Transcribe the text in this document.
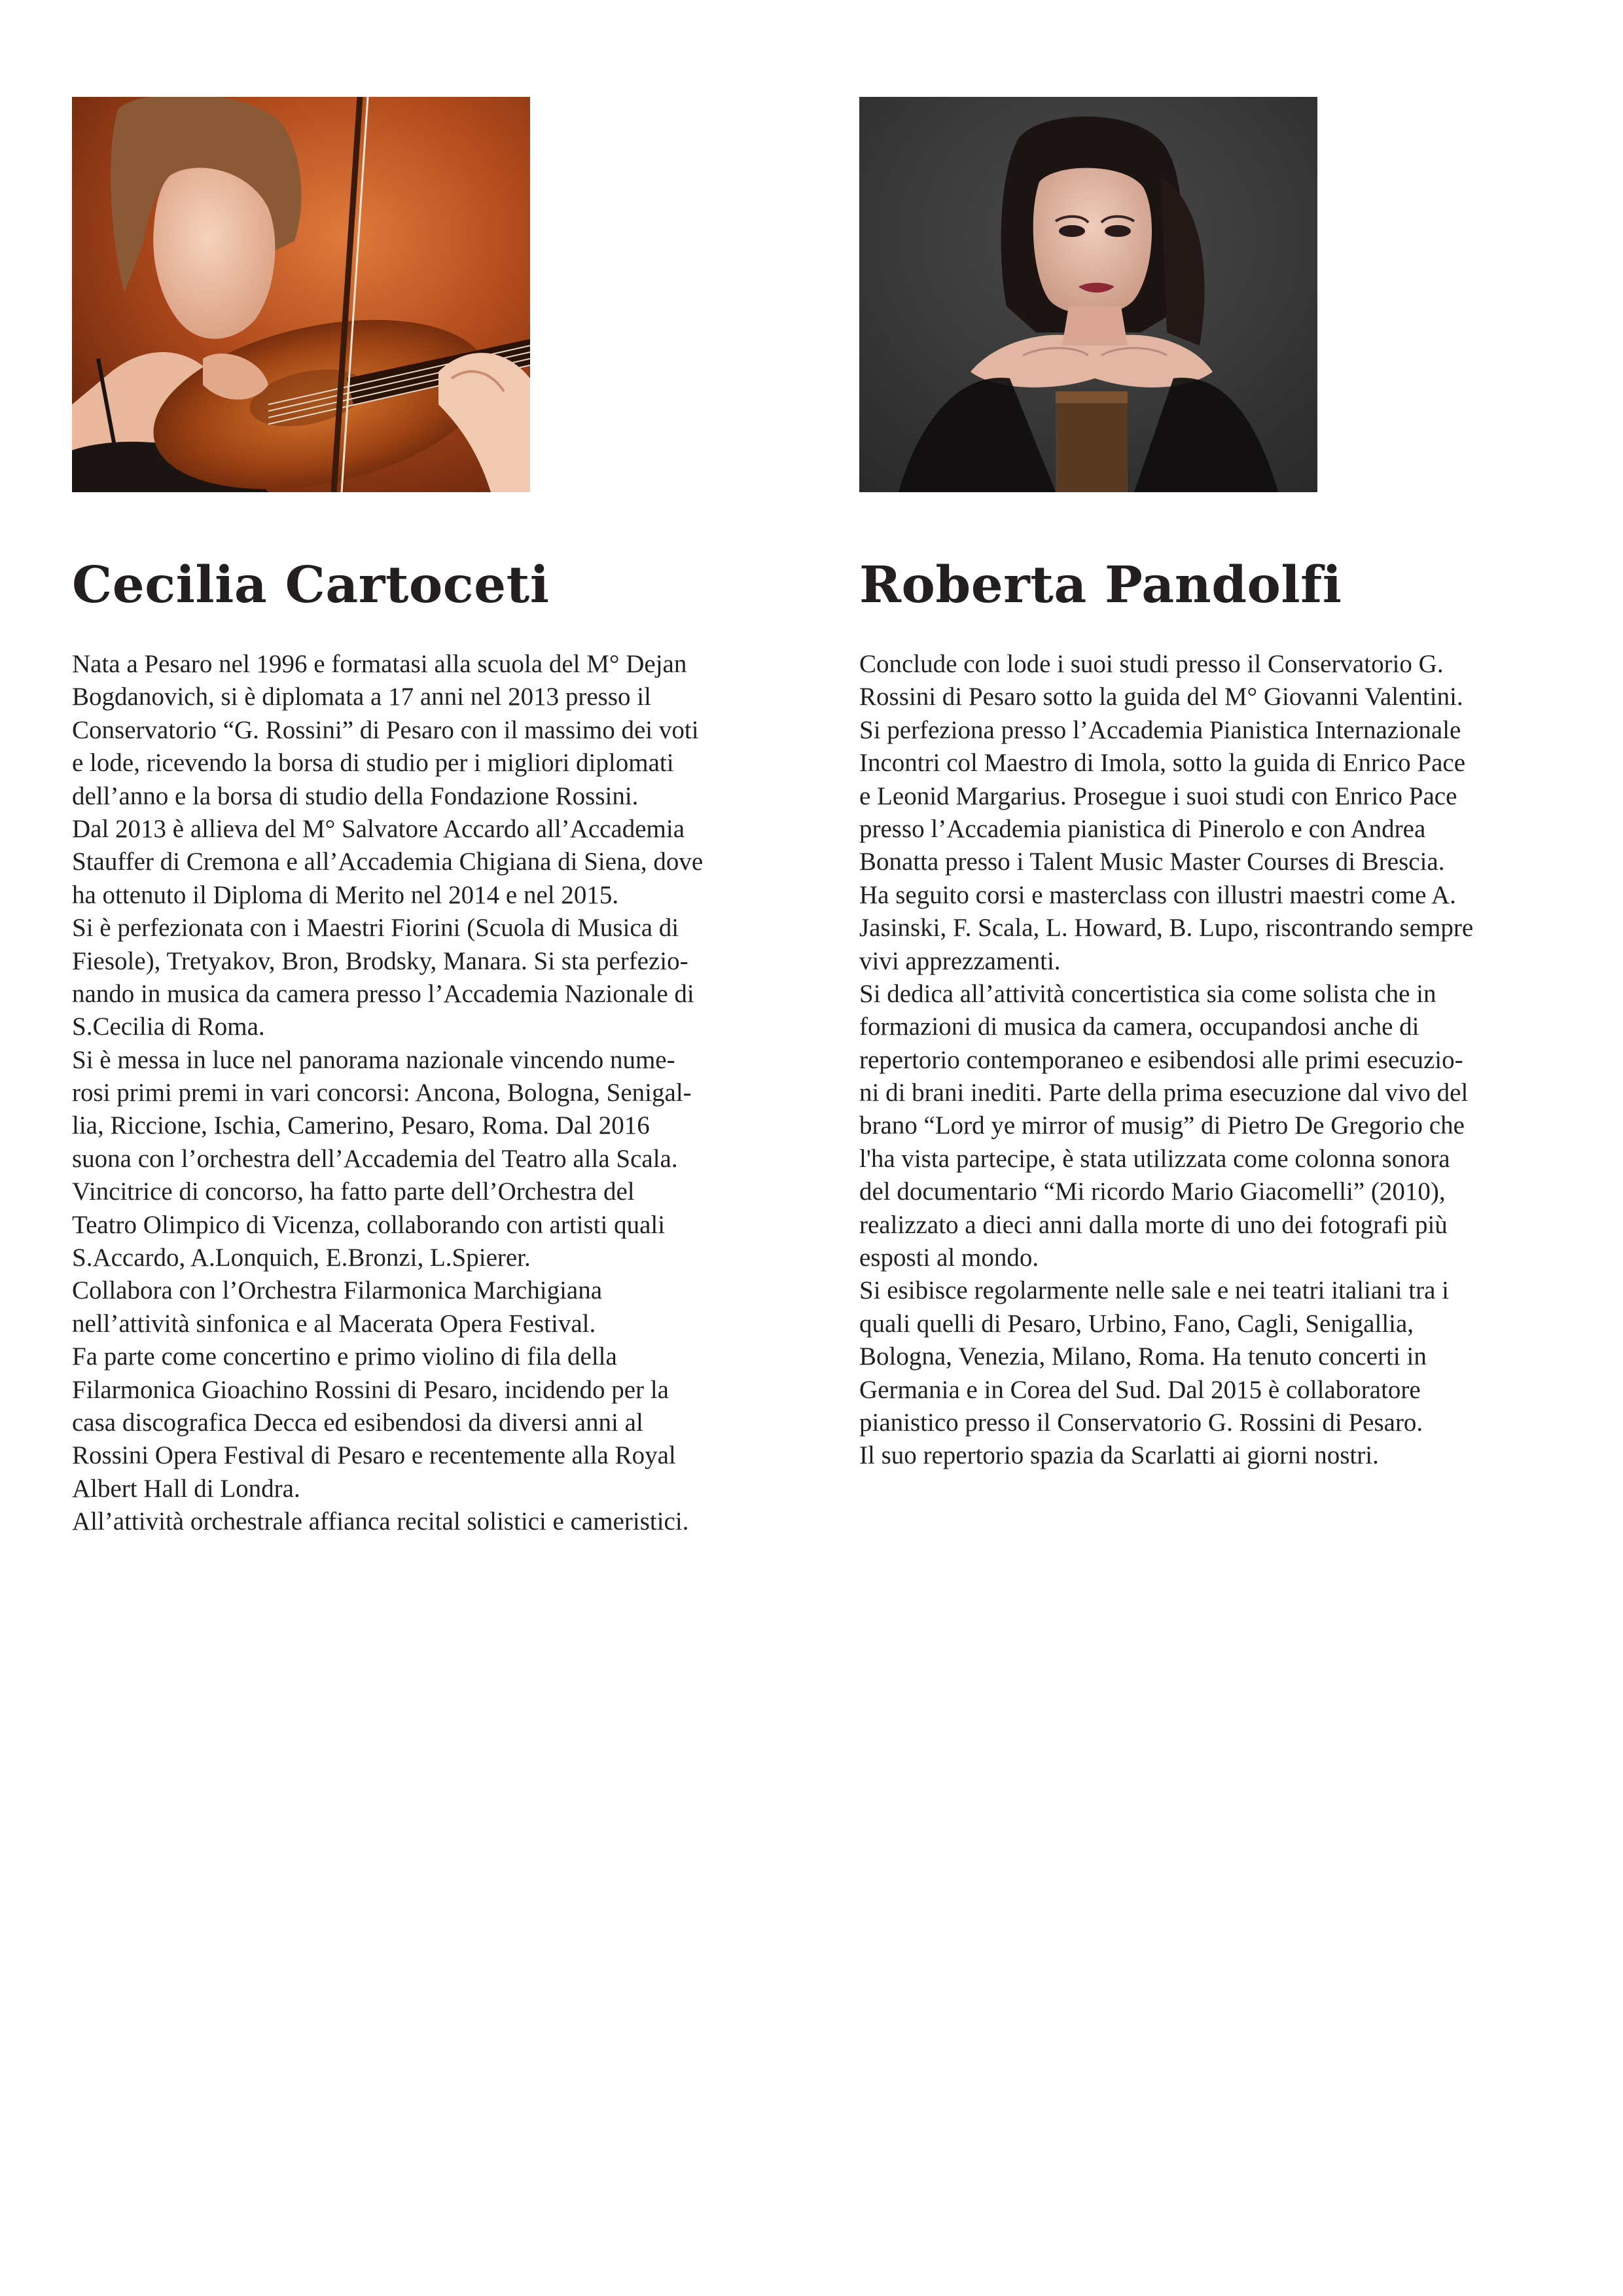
Cecilia Cartoceti
Nata a Pesaro nel 1996 e formatasi alla scuola del M° Dejan
Bogdanovich, si è diplomata a 17 anni nel 2013 presso il
Conservatorio “G. Rossini” di Pesaro con il massimo dei voti
e lode, ricevendo la borsa di studio per i migliori diplomati
dell’anno e la borsa di studio della Fondazione Rossini.
Dal 2013 è allieva del M° Salvatore Accardo all’Accademia
Stauffer di Cremona e all’Accademia Chigiana di Siena, dove
ha ottenuto il Diploma di Merito nel 2014 e nel 2015.
Si è perfezionata con i Maestri Fiorini (Scuola di Musica di
Fiesole), Tretyakov, Bron, Brodsky, Manara. Si sta perfezio-
nando in musica da camera presso l’Accademia Nazionale di
S.Cecilia di Roma.
Si è messa in luce nel panorama nazionale vincendo nume-
rosi primi premi in vari concorsi: Ancona, Bologna, Senigal-
lia, Riccione, Ischia, Camerino, Pesaro, Roma. Dal 2016
suona con l’orchestra dell’Accademia del Teatro alla Scala.
Vincitrice di concorso, ha fatto parte dell’Orchestra del
Teatro Olimpico di Vicenza, collaborando con artisti quali
S.Accardo, A.Lonquich, E.Bronzi, L.Spierer.
Collabora con l’Orchestra Filarmonica Marchigiana
nell’attività sinfonica e al Macerata Opera Festival.
Fa parte come concertino e primo violino di fila della
Filarmonica Gioachino Rossini di Pesaro, incidendo per la
casa discografica Decca ed esibendosi da diversi anni al
Rossini Opera Festival di Pesaro e recentemente alla Royal
Albert Hall di Londra.
All’attività orchestrale affianca recital solistici e cameristici.
Roberta Pandolfi
Conclude con lode i suoi studi presso il Conservatorio G.
Rossini di Pesaro sotto la guida del M° Giovanni Valentini.
Si perfeziona presso l’Accademia Pianistica Internazionale
Incontri col Maestro di Imola, sotto la guida di Enrico Pace
e Leonid Margarius. Prosegue i suoi studi con Enrico Pace
presso l’Accademia pianistica di Pinerolo e con Andrea
Bonatta presso i Talent Music Master Courses di Brescia.
Ha seguito corsi e masterclass con illustri maestri come A.
Jasinski, F. Scala, L. Howard, B. Lupo, riscontrando sempre
vivi apprezzamenti.
Si dedica all’attività concertistica sia come solista che in
formazioni di musica da camera, occupandosi anche di
repertorio contemporaneo e esibendosi alle primi esecuzio-
ni di brani inediti. Parte della prima esecuzione dal vivo del
brano “Lord ye mirror of musig” di Pietro De Gregorio che
l'ha vista partecipe, è stata utilizzata come colonna sonora
del documentario “Mi ricordo Mario Giacomelli” (2010),
realizzato a dieci anni dalla morte di uno dei fotografi più
esposti al mondo.
Si esibisce regolarmente nelle sale e nei teatri italiani tra i
quali quelli di Pesaro, Urbino, Fano, Cagli, Senigallia,
Bologna, Venezia, Milano, Roma. Ha tenuto concerti in
Germania e in Corea del Sud. Dal 2015 è collaboratore
pianistico presso il Conservatorio G. Rossini di Pesaro.
Il suo repertorio spazia da Scarlatti ai giorni nostri.
